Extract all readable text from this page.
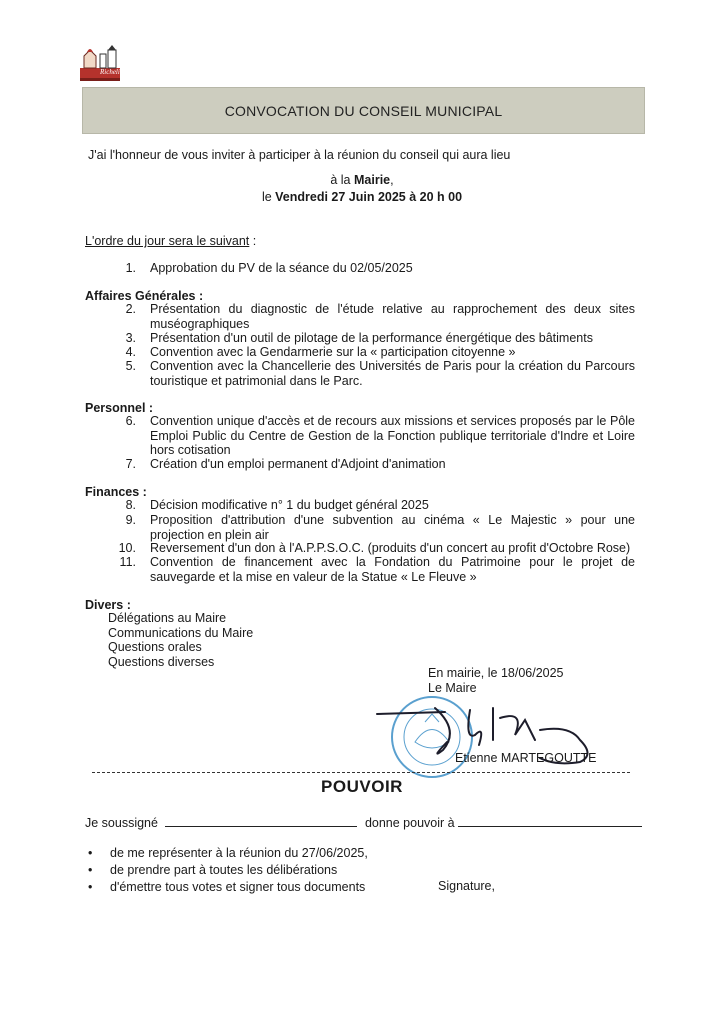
Richelieu
CONVOCATION DU CONSEIL MUNICIPAL
J'ai l'honneur de vous inviter à participer à la réunion du conseil qui aura lieu
à la Mairie,
le Vendredi 27 Juin 2025 à 20 h 00
L'ordre du jour sera le suivant :
1. Approbation du PV de la séance du 02/05/2025
Affaires Générales :
2. Présentation du diagnostic de l'étude relative au rapprochement des deux sites muséographiques
3. Présentation d'un outil de pilotage de la performance énergétique des bâtiments
4. Convention avec la Gendarmerie sur la « participation citoyenne »
5. Convention avec la Chancellerie des Universités de Paris pour la création du Parcours touristique et patrimonial dans le Parc.
Personnel :
6. Convention unique d'accès et de recours aux missions et services proposés par le Pôle Emploi Public du Centre de Gestion de la Fonction publique territoriale d'Indre et Loire hors cotisation
7. Création d'un emploi permanent d'Adjoint d'animation
Finances :
8. Décision modificative n° 1 du budget général 2025
9. Proposition d'attribution d'une subvention au cinéma « Le Majestic » pour une projection en plein air
10. Reversement d'un don à l'A.P.P.S.O.C. (produits d'un concert au profit d'Octobre Rose)
11. Convention de financement avec la Fondation du Patrimoine pour le projet de sauvegarde et la mise en valeur de la Statue « Le Fleuve »
Divers :
Délégations au Maire
Communications du Maire
Questions orales
Questions diverses
En mairie, le 18/06/2025
Le Maire
Etienne MARTEGOUTTE
POUVOIR
Je soussigné	donne pouvoir à
• de me représenter à la réunion du 27/06/2025,
• de prendre part à toutes les délibérations
• d'émettre tous votes et signer tous documents	Signature,
